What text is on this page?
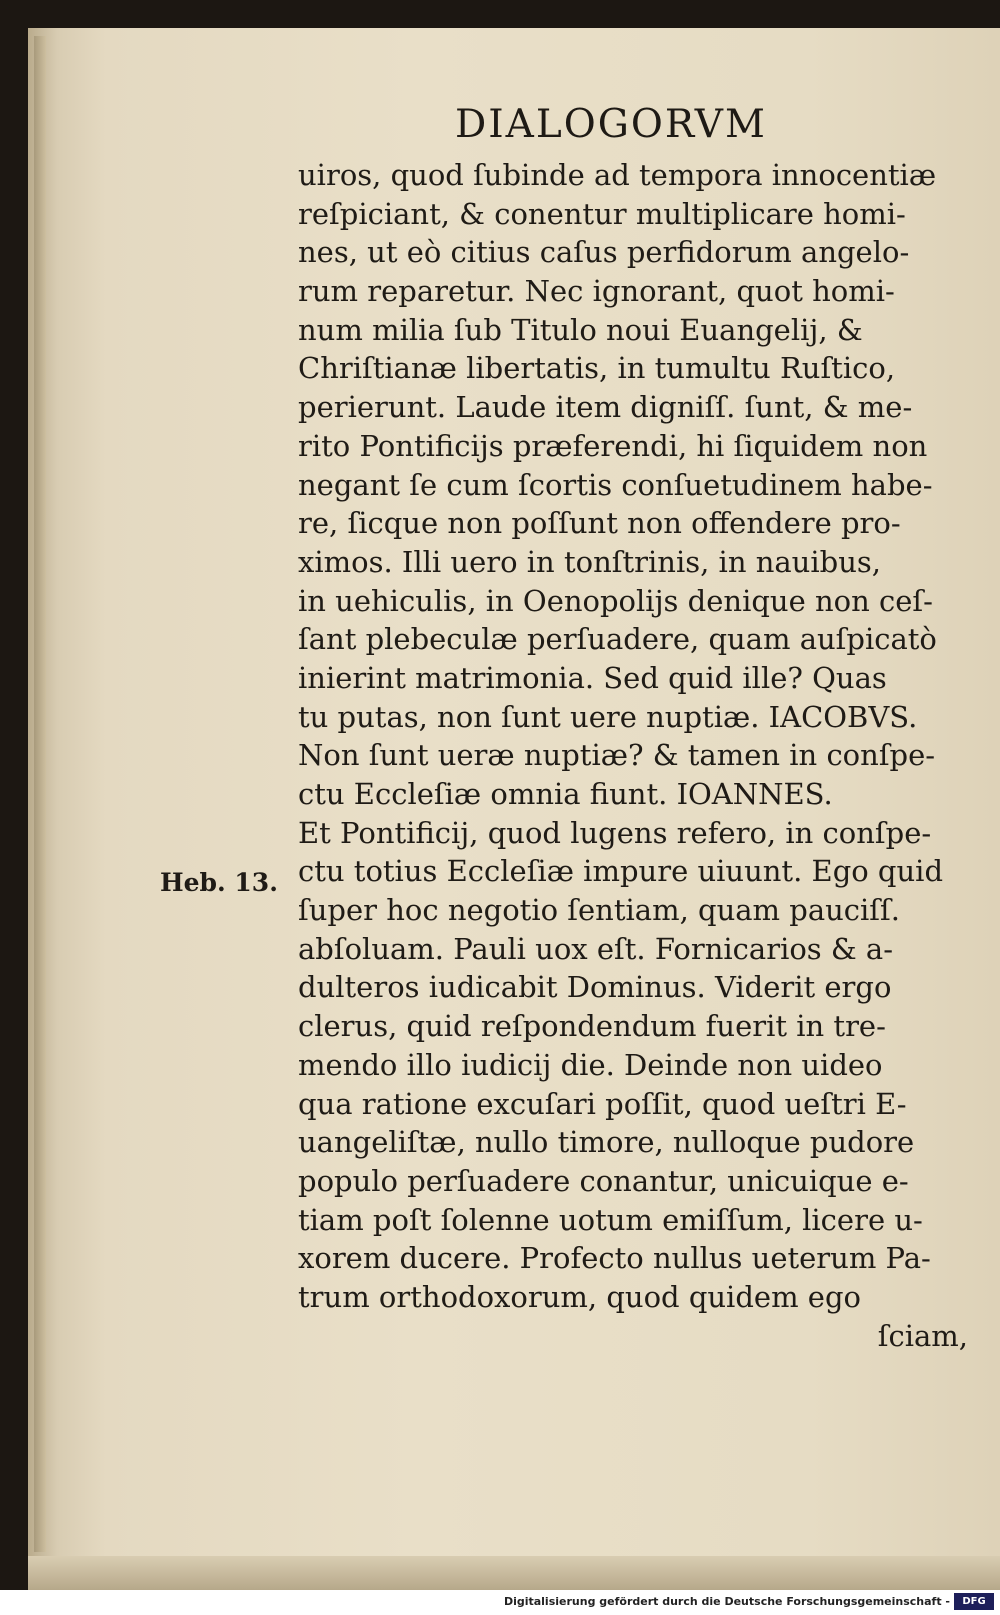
DIALOGORVM
Heb. 13.
uiros, quod ſubinde ad tempora innocentiæ
reſpiciant, & conentur multiplicare homi-
nes, ut eò citius caſus perfidorum angelo-
rum reparetur. Nec ignorant, quot homi-
num milia ſub Titulo noui Euangelij, &
Chriſtianæ libertatis, in tumultu Ruſtico,
perierunt. Laude item digniſſ. ſunt, & me-
rito Pontificijs præferendi, hi ſiquidem non
negant ſe cum ſcortis conſuetudinem habe-
re, ſicque non poſſunt non offendere pro-
ximos. Illi uero in tonſtrinis, in nauibus,
in uehiculis, in Oenopolijs denique non ceſ-
ſant plebeculæ perſuadere, quam auſpicatò
inierint matrimonia. Sed quid ille? Quas
tu putas, non ſunt uere nuptiæ. IACOBVS.
Non ſunt ueræ nuptiæ? & tamen in conſpe-
ctu Eccleſiæ omnia fiunt. IOANNES.
Et Pontificij, quod lugens refero, in conſpe-
ctu totius Eccleſiæ impure uiuunt. Ego quid
ſuper hoc negotio ſentiam, quam pauciſſ.
abſoluam. Pauli uox eſt. Fornicarios & a-
dulteros iudicabit Dominus. Viderit ergo
clerus, quid reſpondendum fuerit in tre-
mendo illo iudicij die. Deinde non uideo
qua ratione excuſari poſſit, quod ueſtri E-
uangeliſtæ, nullo timore, nulloque pudore
populo perſuadere conantur, unicuique e-
tiam poſt ſolenne uotum emiſſum, licere u-
xorem ducere. Profecto nullus ueterum Pa-
trum orthodoxorum, quod quidem ego
ſciam,
Digitalisierung gefördert durch die Deutsche Forschungsgemeinschaft -	DFG
